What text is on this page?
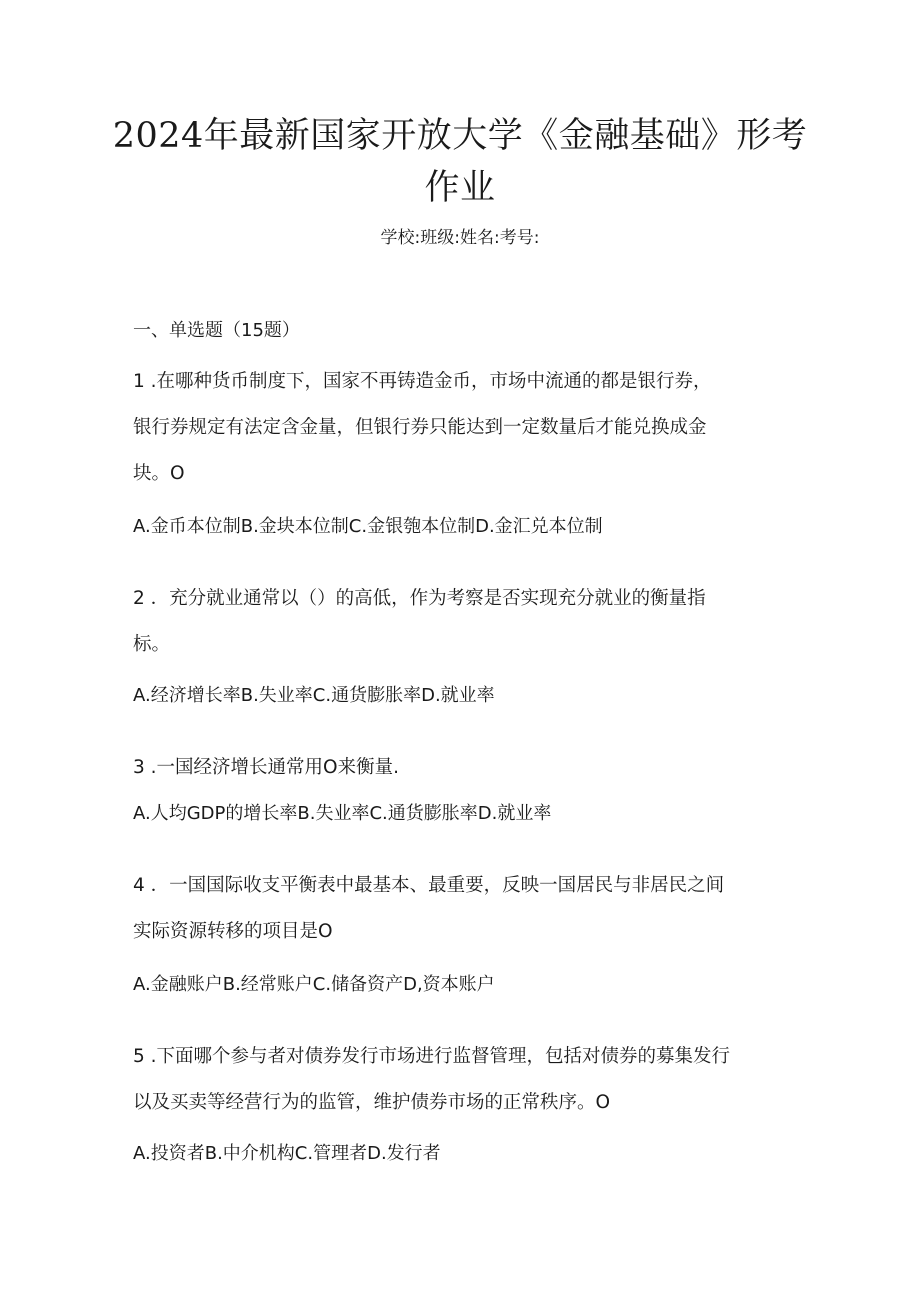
2024年最新国家开放大学《金融基础》形考
作业
学校:班级:姓名:考号:
一、单选题（15题）
1 .在哪种货币制度下，国家不再铸造金币，市场中流通的都是银行券，
银行券规定有法定含金量，但银行券只能达到一定数量后才能兑换成金
块。O
A.金币本位制B.金块本位制C.金银匏本位制D.金汇兑本位制
2 ．充分就业通常以（）的高低，作为考察是否实现充分就业的衡量指
标。
A.经济增长率B.失业率C.通货膨胀率D.就业率
3 .一国经济增长通常用O来衡量.
A.人均GDP的增长率B.失业率C.通货膨胀率D.就业率
4 ．一国国际收支平衡表中最基本、最重要，反映一国居民与非居民之间
实际资源转移的项目是O
A.金融账户B.经常账户C.储备资产D,资本账户
5 .下面哪个参与者对债券发行市场进行监督管理，包括对债券的募集发行
以及买卖等经营行为的监管，维护债券市场的正常秩序。O
A.投资者B.中介机构C.管理者D.发行者
